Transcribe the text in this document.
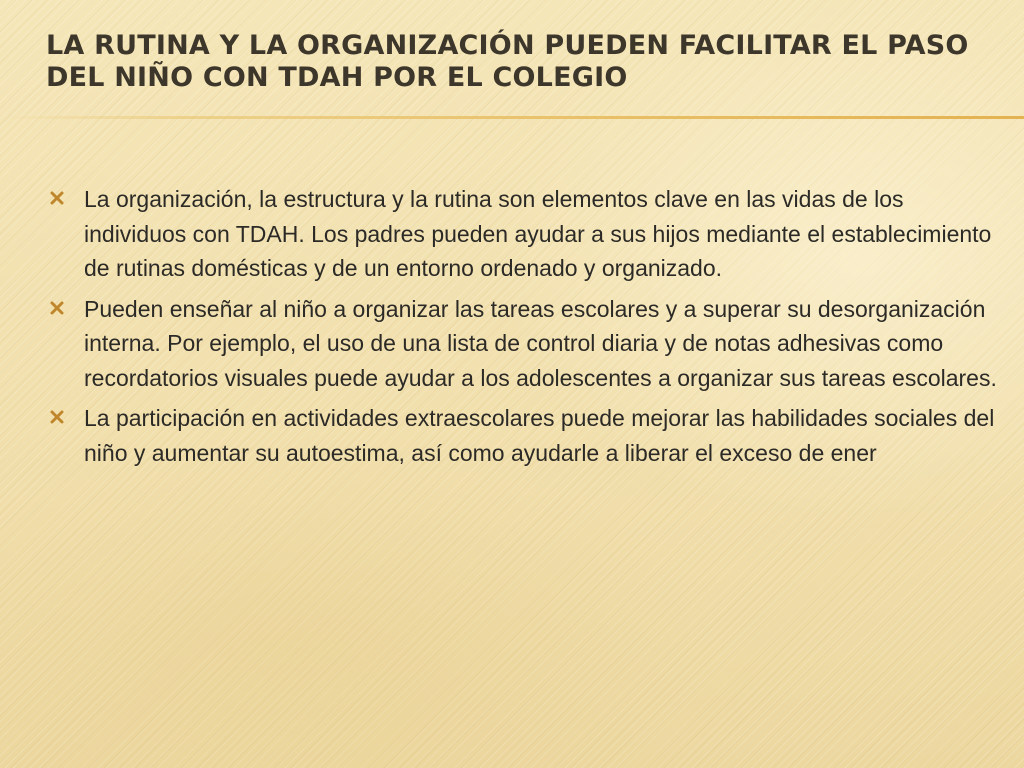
LA RUTINA Y LA ORGANIZACIÓN PUEDEN FACILITAR EL PASO DEL NIÑO CON TDAH POR EL COLEGIO
La organización, la estructura y la rutina son elementos clave en las vidas de los individuos con TDAH. Los padres pueden ayudar a sus hijos mediante el establecimiento de rutinas domésticas y de un entorno ordenado y organizado.
Pueden enseñar al niño a organizar las tareas escolares y a superar su desorganización interna. Por ejemplo, el uso de una lista de control diaria y de notas adhesivas como recordatorios visuales puede ayudar a los adolescentes a organizar sus tareas escolares.
La participación en actividades extraescolares puede mejorar las habilidades sociales del niño y aumentar su autoestima, así como ayudarle a liberar el exceso de ener
